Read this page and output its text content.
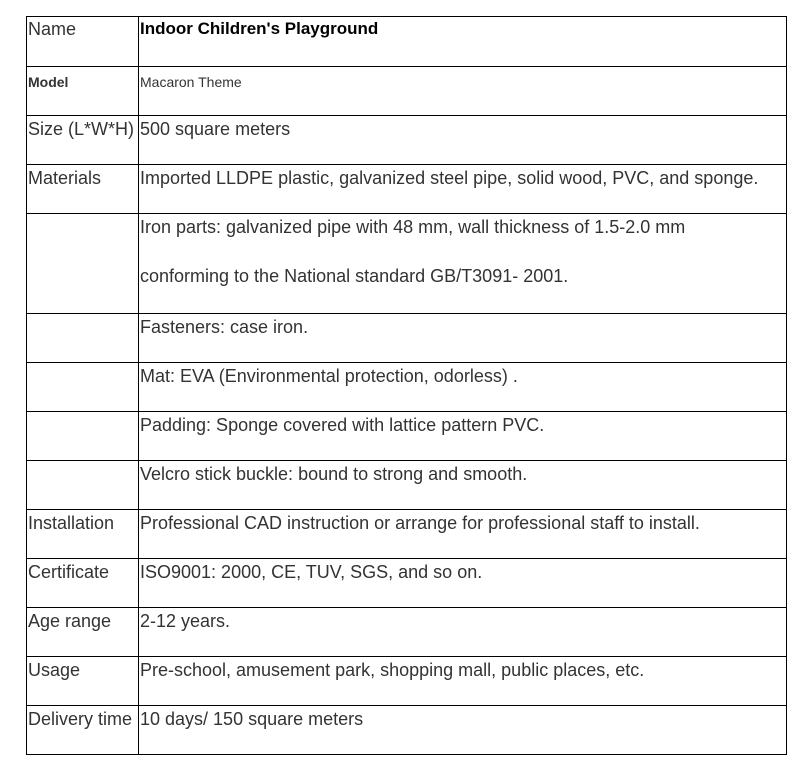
Name	Indoor Children's Playground

Model	Macaron Theme

Size (L*W*H)	500 square meters

Materials	Imported LLDPE plastic, galvanized steel pipe, solid wood, PVC, and sponge.

	Iron parts: galvanized pipe with 48 mm, wall thickness of 1.5-2.0 mm
conforming to the National standard GB/T3091- 2001.

	Fasteners: case iron.

	Mat: EVA (Environmental protection, odorless) .

	Padding: Sponge covered with lattice pattern PVC.

	Velcro stick buckle: bound to strong and smooth.

Installation	Professional CAD instruction or arrange for professional staff to install.

Certificate	ISO9001: 2000, CE, TUV, SGS, and so on.

Age range	2-12 years.

Usage	Pre-school, amusement park, shopping mall, public places, etc.

Delivery time	10 days/ 150 square meters
